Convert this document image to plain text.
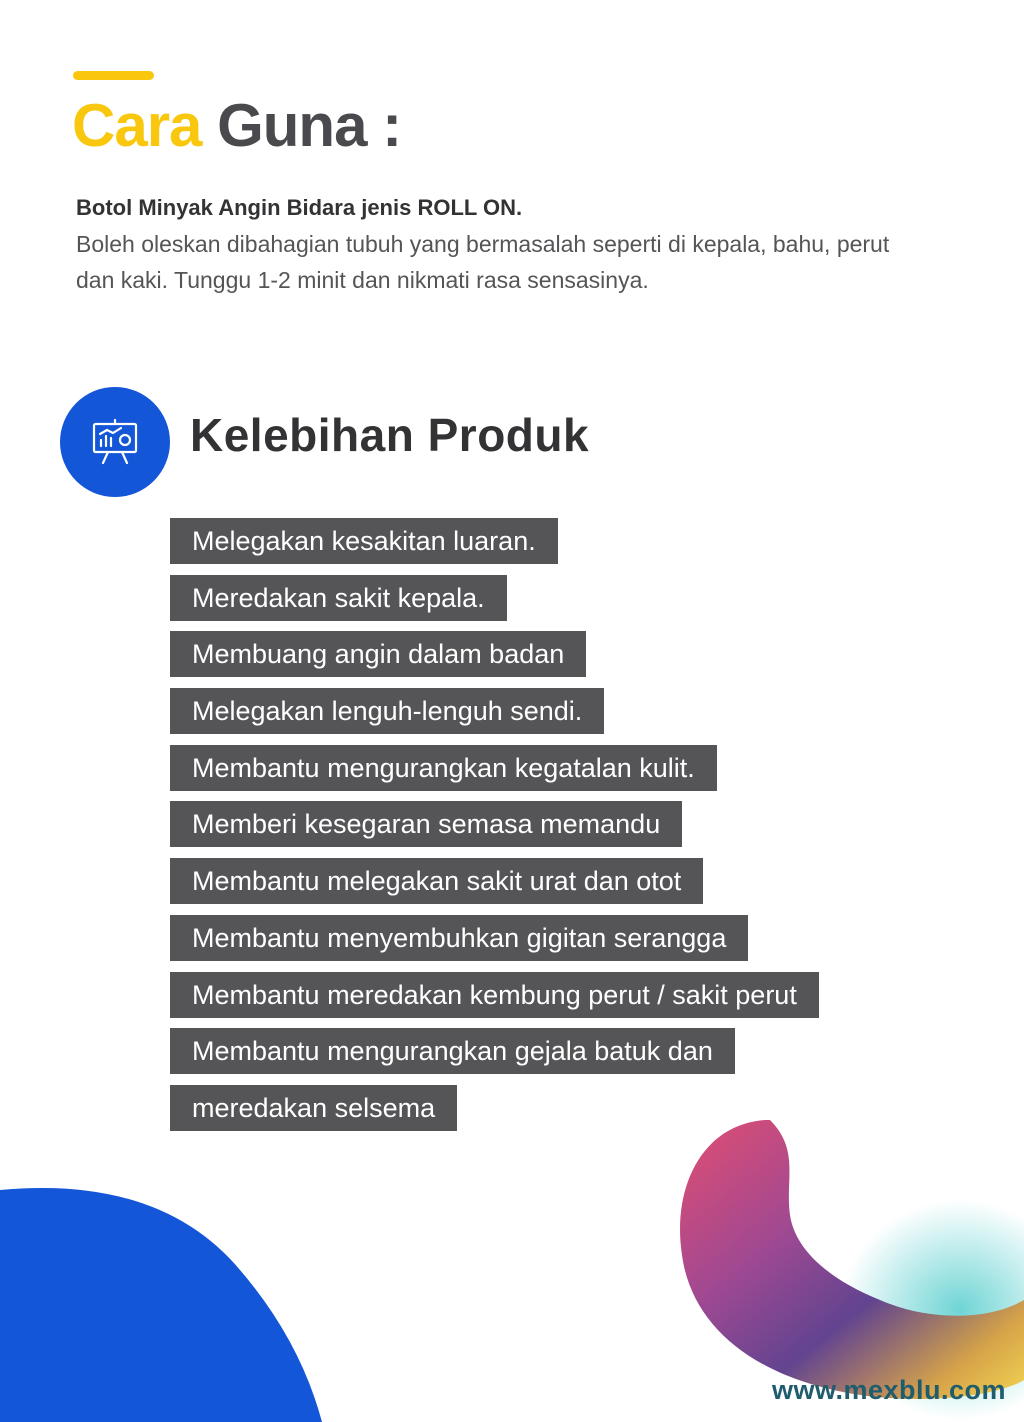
Cara Guna :
Botol Minyak Angin Bidara jenis ROLL ON.
Boleh oleskan dibahagian tubuh yang bermasalah seperti di kepala, bahu, perut dan kaki. Tunggu 1-2 minit dan nikmati rasa sensasinya.
Kelebihan Produk
Melegakan kesakitan luaran.
Meredakan sakit kepala.
Membuang angin dalam badan
Melegakan lenguh-lenguh sendi.
Membantu mengurangkan kegatalan kulit.
Memberi kesegaran semasa memandu
Membantu melegakan sakit urat dan otot
Membantu menyembuhkan gigitan serangga
Membantu meredakan kembung perut / sakit perut
Membantu mengurangkan gejala batuk dan
meredakan selsema
www.mexblu.com
